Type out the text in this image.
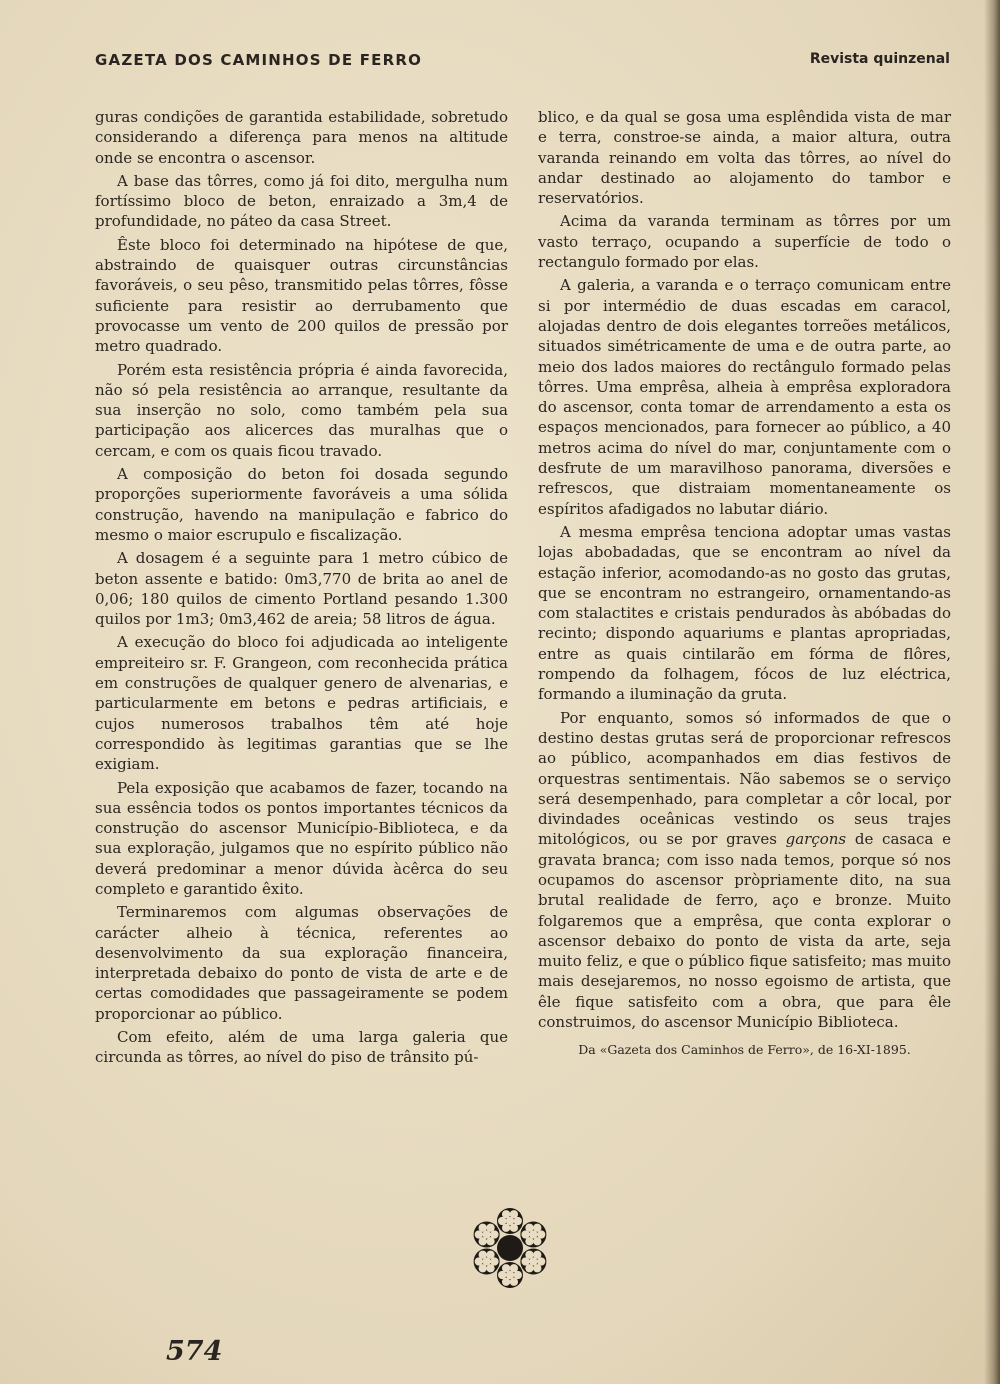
GAZETA DOS CAMINHOS DE FERRO	Revista quinzenal

guras condições de garantida estabilidade, sobretudo considerando a diferença para menos na altitude onde se encontra o ascensor.

A base das tôrres, como já foi dito, mergulha num fortíssimo bloco de beton, enraizado a 3m,4 de profundidade, no páteo da casa Street.

Êste bloco foi determinado na hipótese de que, abstraindo de quaisquer outras circunstâncias favoráveis, o seu pêso, transmitido pelas tôrres, fôsse suficiente para resistir ao derrubamento que provocasse um vento de 200 quilos de pressão por metro quadrado.

Porém esta resistência própria é ainda favorecida, não só pela resistência ao arranque, resultante da sua inserção no solo, como também pela sua participação aos alicerces das muralhas que o cercam, e com os quais ficou travado.

A composição do beton foi dosada segundo proporções superiormente favoráveis a uma sólida construção, havendo na manipulação e fabrico do mesmo o maior escrupulo e fiscalização.

A dosagem é a seguinte para 1 metro cúbico de beton assente e batido: 0m3,770 de brita ao anel de 0,06; 180 quilos de cimento Portland pesando 1.300 quilos por 1m3; 0m3,462 de areia; 58 litros de água.

A execução do bloco foi adjudicada ao inteligente empreiteiro sr. F. Grangeon, com reconhecida prática em construções de qualquer genero de alvenarias, e particularmente em betons e pedras artificiais, e cujos numerosos trabalhos têm até hoje correspondido às legitimas garantias que se lhe exigiam.

Pela exposição que acabamos de fazer, tocando na sua essência todos os pontos importantes técnicos da construção do ascensor Município-Biblioteca, e da sua exploração, julgamos que no espírito público não deverá predominar a menor dúvida àcêrca do seu completo e garantido êxito.

Terminaremos com algumas observações de carácter alheio à técnica, referentes ao desenvolvimento da sua exploração financeira, interpretada debaixo do ponto de vista de arte e de certas comodidades que passageiramente se podem proporcionar ao público.

Com efeito, além de uma larga galeria que circunda as tôrres, ao nível do piso de trânsito pú-

blico, e da qual se gosa uma esplêndida vista de mar e terra, constroe-se ainda, a maior altura, outra varanda reinando em volta das tôrres, ao nível do andar destinado ao alojamento do tambor e reservatórios.

Acima da varanda terminam as tôrres por um vasto terraço, ocupando a superfície de todo o rectangulo formado por elas.

A galeria, a varanda e o terraço comunicam entre si por intermédio de duas escadas em caracol, alojadas dentro de dois elegantes torreões metálicos, situados simétricamente de uma e de outra parte, ao meio dos lados maiores do rectângulo formado pelas tôrres. Uma emprêsa, alheia à emprêsa exploradora do ascensor, conta tomar de arrendamento a esta os espaços mencionados, para fornecer ao público, a 40 metros acima do nível do mar, conjuntamente com o desfrute de um maravilhoso panorama, diversões e refrescos, que distraiam momentaneamente os espíritos afadigados no labutar diário.

A mesma emprêsa tenciona adoptar umas vastas lojas abobadadas, que se encontram ao nível da estação inferior, acomodando-as no gosto das grutas, que se encontram no estrangeiro, ornamentando-as com stalactites e cristais pendurados às abóbadas do recinto; dispondo aquariums e plantas apropriadas, entre as quais cintilarão em fórma de flôres, rompendo da folhagem, fócos de luz eléctrica, formando a iluminação da gruta.

Por enquanto, somos só informados de que o destino destas grutas será de proporcionar refrescos ao público, acompanhados em dias festivos de orquestras sentimentais. Não sabemos se o serviço será desempenhado, para completar a côr local, por divindades oceânicas vestindo os seus trajes mitológicos, ou se por graves garçons de casaca e gravata branca; com isso nada temos, porque só nos ocupamos do ascensor pròpriamente dito, na sua brutal realidade de ferro, aço e bronze. Muito folgaremos que a emprêsa, que conta explorar o ascensor debaixo do ponto de vista da arte, seja muito feliz, e que o público fique satisfeito; mas muito mais desejaremos, no nosso egoismo de artista, que êle fique satisfeito com a obra, que para êle construimos, do ascensor Município Biblioteca.

Da «Gazeta dos Caminhos de Ferro», de 16-XI-1895.
574
